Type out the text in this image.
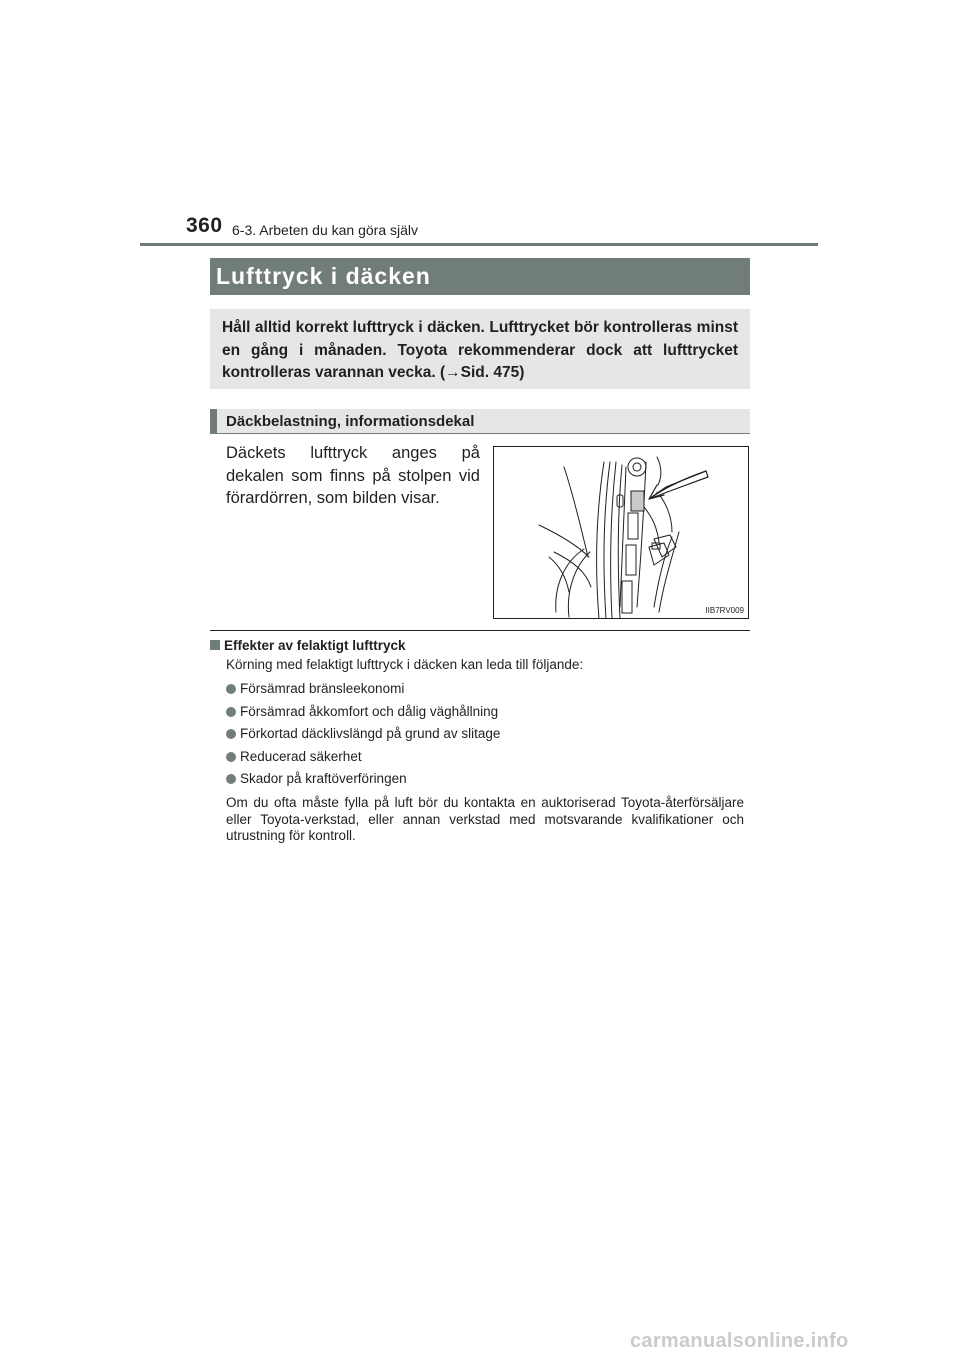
360 6-3. Arbeten du kan göra själv
Lufttryck i däcken
Håll alltid korrekt lufttryck i däcken. Lufttrycket bör kontrolleras minst en gång i månaden. Toyota rekommenderar dock att lufttrycket kontrolleras varannan vecka. (→Sid. 475)
Däckbelastning, informationsdekal
Däckets lufttryck anges på dekalen som finns på stolpen vid förardörren, som bilden visar.
IIB7RV009
Effekter av felaktigt lufttryck
Körning med felaktigt lufttryck i däcken kan leda till följande:
Försämrad bränsleekonomi
Försämrad åkkomfort och dålig väghållning
Förkortad däcklivslängd på grund av slitage
Reducerad säkerhet
Skador på kraftöverföringen
Om du ofta måste fylla på luft bör du kontakta en auktoriserad Toyota-återförsäljare eller Toyota-verkstad, eller annan verkstad med motsvarande kvalifikationer och utrustning för kontroll.
carmanualsonline.info
